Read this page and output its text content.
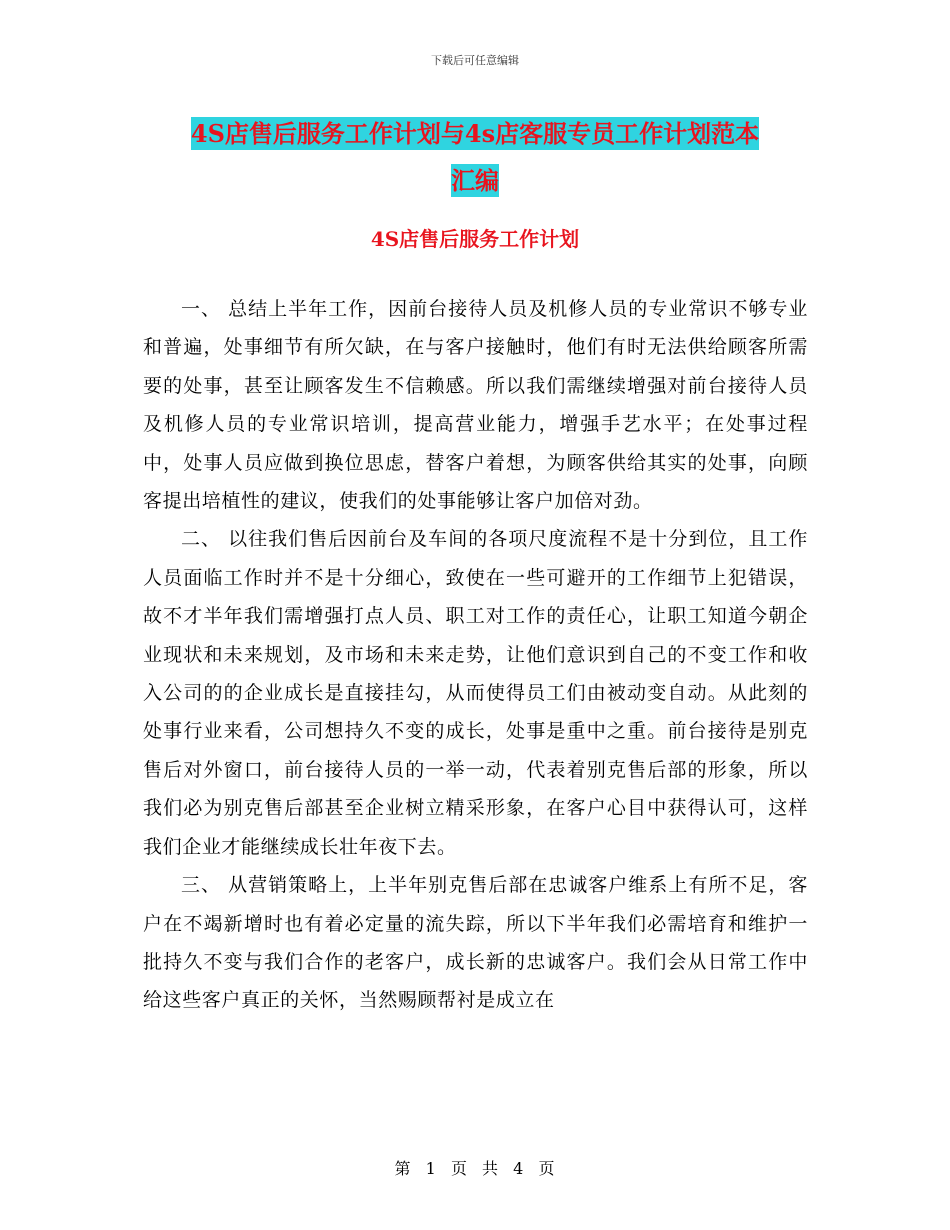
下载后可任意编辑
4S店售后服务工作计划与4s店客服专员工作计划范本
汇编
4S店售后服务工作计划

一、 总结上半年工作，因前台接待人员及机修人员的专业常识不够专业和普遍，处事细节有所欠缺，在与客户接触时，他们有时无法供给顾客所需要的处事，甚至让顾客发生不信赖感。所以我们需继续增强对前台接待人员及机修人员的专业常识培训，提高营业能力，增强手艺水平；在处事过程中，处事人员应做到换位思虑，替客户着想，为顾客供给其实的处事，向顾客提出培植性的建议，使我们的处事能够让客户加倍对劲。

二、 以往我们售后因前台及车间的各项尺度流程不是十分到位，且工作人员面临工作时并不是十分细心，致使在一些可避开的工作细节上犯错误，故不才半年我们需增强打点人员、职工对工作的责任心，让职工知道今朝企业现状和未来规划，及市场和未来走势，让他们意识到自己的不变工作和收入公司的的企业成长是直接挂勾，从而使得员工们由被动变自动。从此刻的处事行业来看，公司想持久不变的成长，处事是重中之重。前台接待是别克售后对外窗口，前台接待人员的一举一动，代表着别克售后部的形象，所以我们必为别克售后部甚至企业树立精采形象，在客户心目中获得认可，这样我们企业才能继续成长壮年夜下去。

三、 从营销策略上，上半年别克售后部在忠诚客户维系上有所不足，客户在不竭新增时也有着必定量的流失踪，所以下半年我们必需培育和维护一批持久不变与我们合作的老客户，成长新的忠诚客户。我们会从日常工作中给这些客户真正的关怀，当然赐顾帮衬是成立在

第 1 页 共 4 页
